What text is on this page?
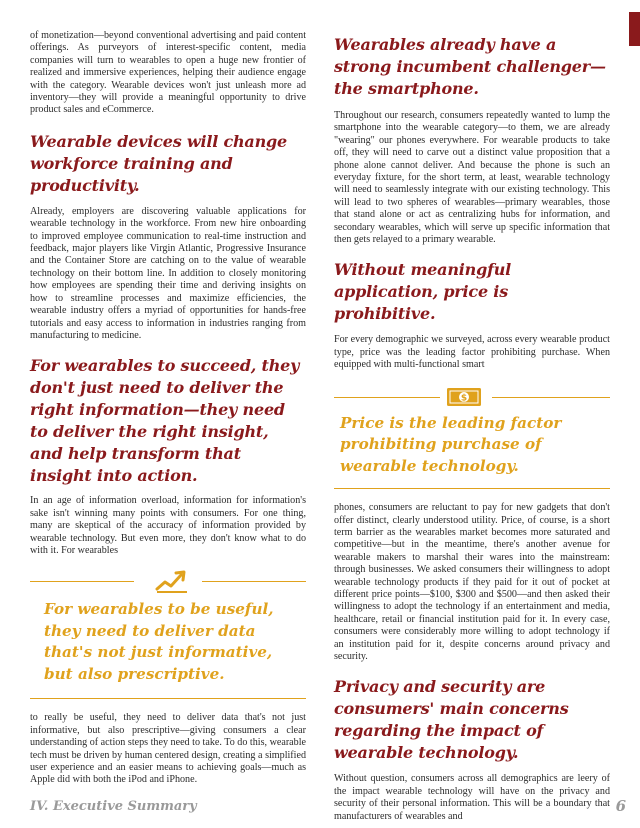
of monetization—beyond conventional advertising and paid content offerings. As purveyors of interest-specific content, media companies will turn to wearables to open a huge new frontier of realized and immersive experiences, helping their audience engage with the category. Wearable devices won't just unleash more ad inventory—they will provide a meaningful opportunity to drive product sales and eCommerce.

Wearable devices will change workforce training and productivity.

Already, employers are discovering valuable applications for wearable technology in the workforce. From new hire onboarding to improved employee communication to real-time instruction and feedback, major players like Virgin Atlantic, Progressive Insurance and the Container Store are catching on to the value of wearable technology on their bottom line. In addition to closely monitoring how employees are spending their time and deriving insights on how to streamline processes and maximize efficiencies, the wearable industry offers a myriad of opportunities for hands-free tutorials and easy access to information in industries ranging from manufacturing to medicine.

For wearables to succeed, they don't just need to deliver the right information—they need to deliver the right insight, and help transform that insight into action.

In an age of information overload, information for information's sake isn't winning many points with consumers. For one thing, many are skeptical of the accuracy of information provided by wearable technology. But even more, they don't know what to do with it. For wearables

For wearables to be useful, they need to deliver data that's not just informative, but also prescriptive.

to really be useful, they need to deliver data that's not just informative, but also prescriptive—giving consumers a clear understanding of action steps they need to take. To do this, wearable tech must be driven by human centered design, creating a simplified user experience and an easier means to achieving goals—much as Apple did with both the iPod and iPhone.

Wearables already have a strong incumbent challenger—the smartphone.

Throughout our research, consumers repeatedly wanted to lump the smartphone into the wearable category—to them, we are already "wearing" our phones everywhere. For wearable products to take off, they will need to carve out a distinct value proposition that a phone alone cannot deliver. And because the phone is such an everyday fixture, for the short term, at least, wearable technology will need to seamlessly integrate with our existing technology. This will lead to two spheres of wearables—primary wearables, those that stand alone or act as centralizing hubs for information, and secondary wearables, which will serve up specific information that then gets relayed to a primary wearable.

Without meaningful application, price is prohibitive.

For every demographic we surveyed, across every wearable product type, price was the leading factor prohibiting purchase. When equipped with multi-functional smart

$

Price is the leading factor prohibiting purchase of wearable technology.

phones, consumers are reluctant to pay for new gadgets that don't offer distinct, clearly understood utility. Price, of course, is a short term barrier as the wearables market becomes more saturated and competitive—but in the meantime, there's another avenue for wearable makers to marshal their wares into the mainstream: through businesses. We asked consumers their willingness to adopt wearable technology products if they paid for it out of pocket at different price points—$100, $300 and $500—and then asked their willingness to adopt the technology if an entertainment and media, healthcare, retail or financial institution paid for it. In every case, consumers were considerably more willing to adopt technology if an institution paid for it, despite concerns around privacy and security.

Privacy and security are consumers' main concerns regarding the impact of wearable technology.

Without question, consumers across all demographics are leery of the impact wearable technology will have on the privacy and security of their personal information. This will be a boundary that manufacturers of wearables and

IV. Executive Summary	6
